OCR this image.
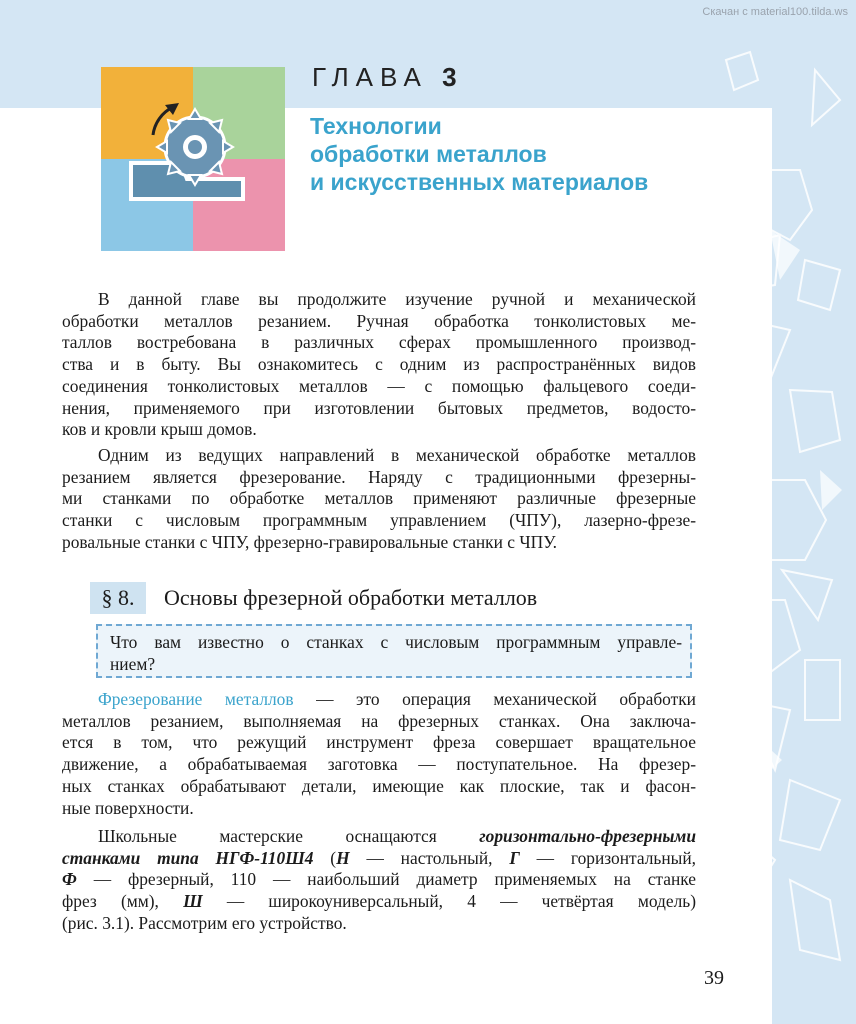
Скачан с material100.tilda.ws
ГЛАВА 3
Технологии
обработки металлов
и искусственных материалов
В данной главе вы продолжите изучение ручной и механической
обработки металлов резанием. Ручная обработка тонколистовых ме-
таллов востребована в различных сферах промышленного производ-
ства и в быту. Вы ознакомитесь с одним из распространённых видов
соединения тонколистовых металлов — с помощью фальцевого соеди-
нения, применяемого при изготовлении бытовых предметов, водосто-
ков и кровли крыш домов.
Одним из ведущих направлений в механической обработке металлов
резанием является фрезерование. Наряду с традиционными фрезерны-
ми станками по обработке металлов применяют различные фрезерные
станки с числовым программным управлением (ЧПУ), лазерно-фрезе-
ровальные станки с ЧПУ, фрезерно-гравировальные станки с ЧПУ.
§ 8.	Основы фрезерной обработки металлов
Что вам известно о станках с числовым программным управле-
нием?
Фрезерование металлов — это операция механической обработки
металлов резанием, выполняемая на фрезерных станках. Она заключа-
ется в том, что режущий инструмент фреза совершает вращательное
движение, а обрабатываемая заготовка — поступательное. На фрезер-
ных станках обрабатывают детали, имеющие как плоские, так и фасон-
ные поверхности.
Школьные мастерские оснащаются горизонтально-фрезерными
станками типа НГФ-110Ш4 (Н — настольный, Г — горизонтальный,
Ф — фрезерный, 110 — наибольший диаметр применяемых на станке
фрез (мм), Ш — широкоуниверсальный, 4 — четвёртая модель)
(рис. 3.1). Рассмотрим его устройство.
39
